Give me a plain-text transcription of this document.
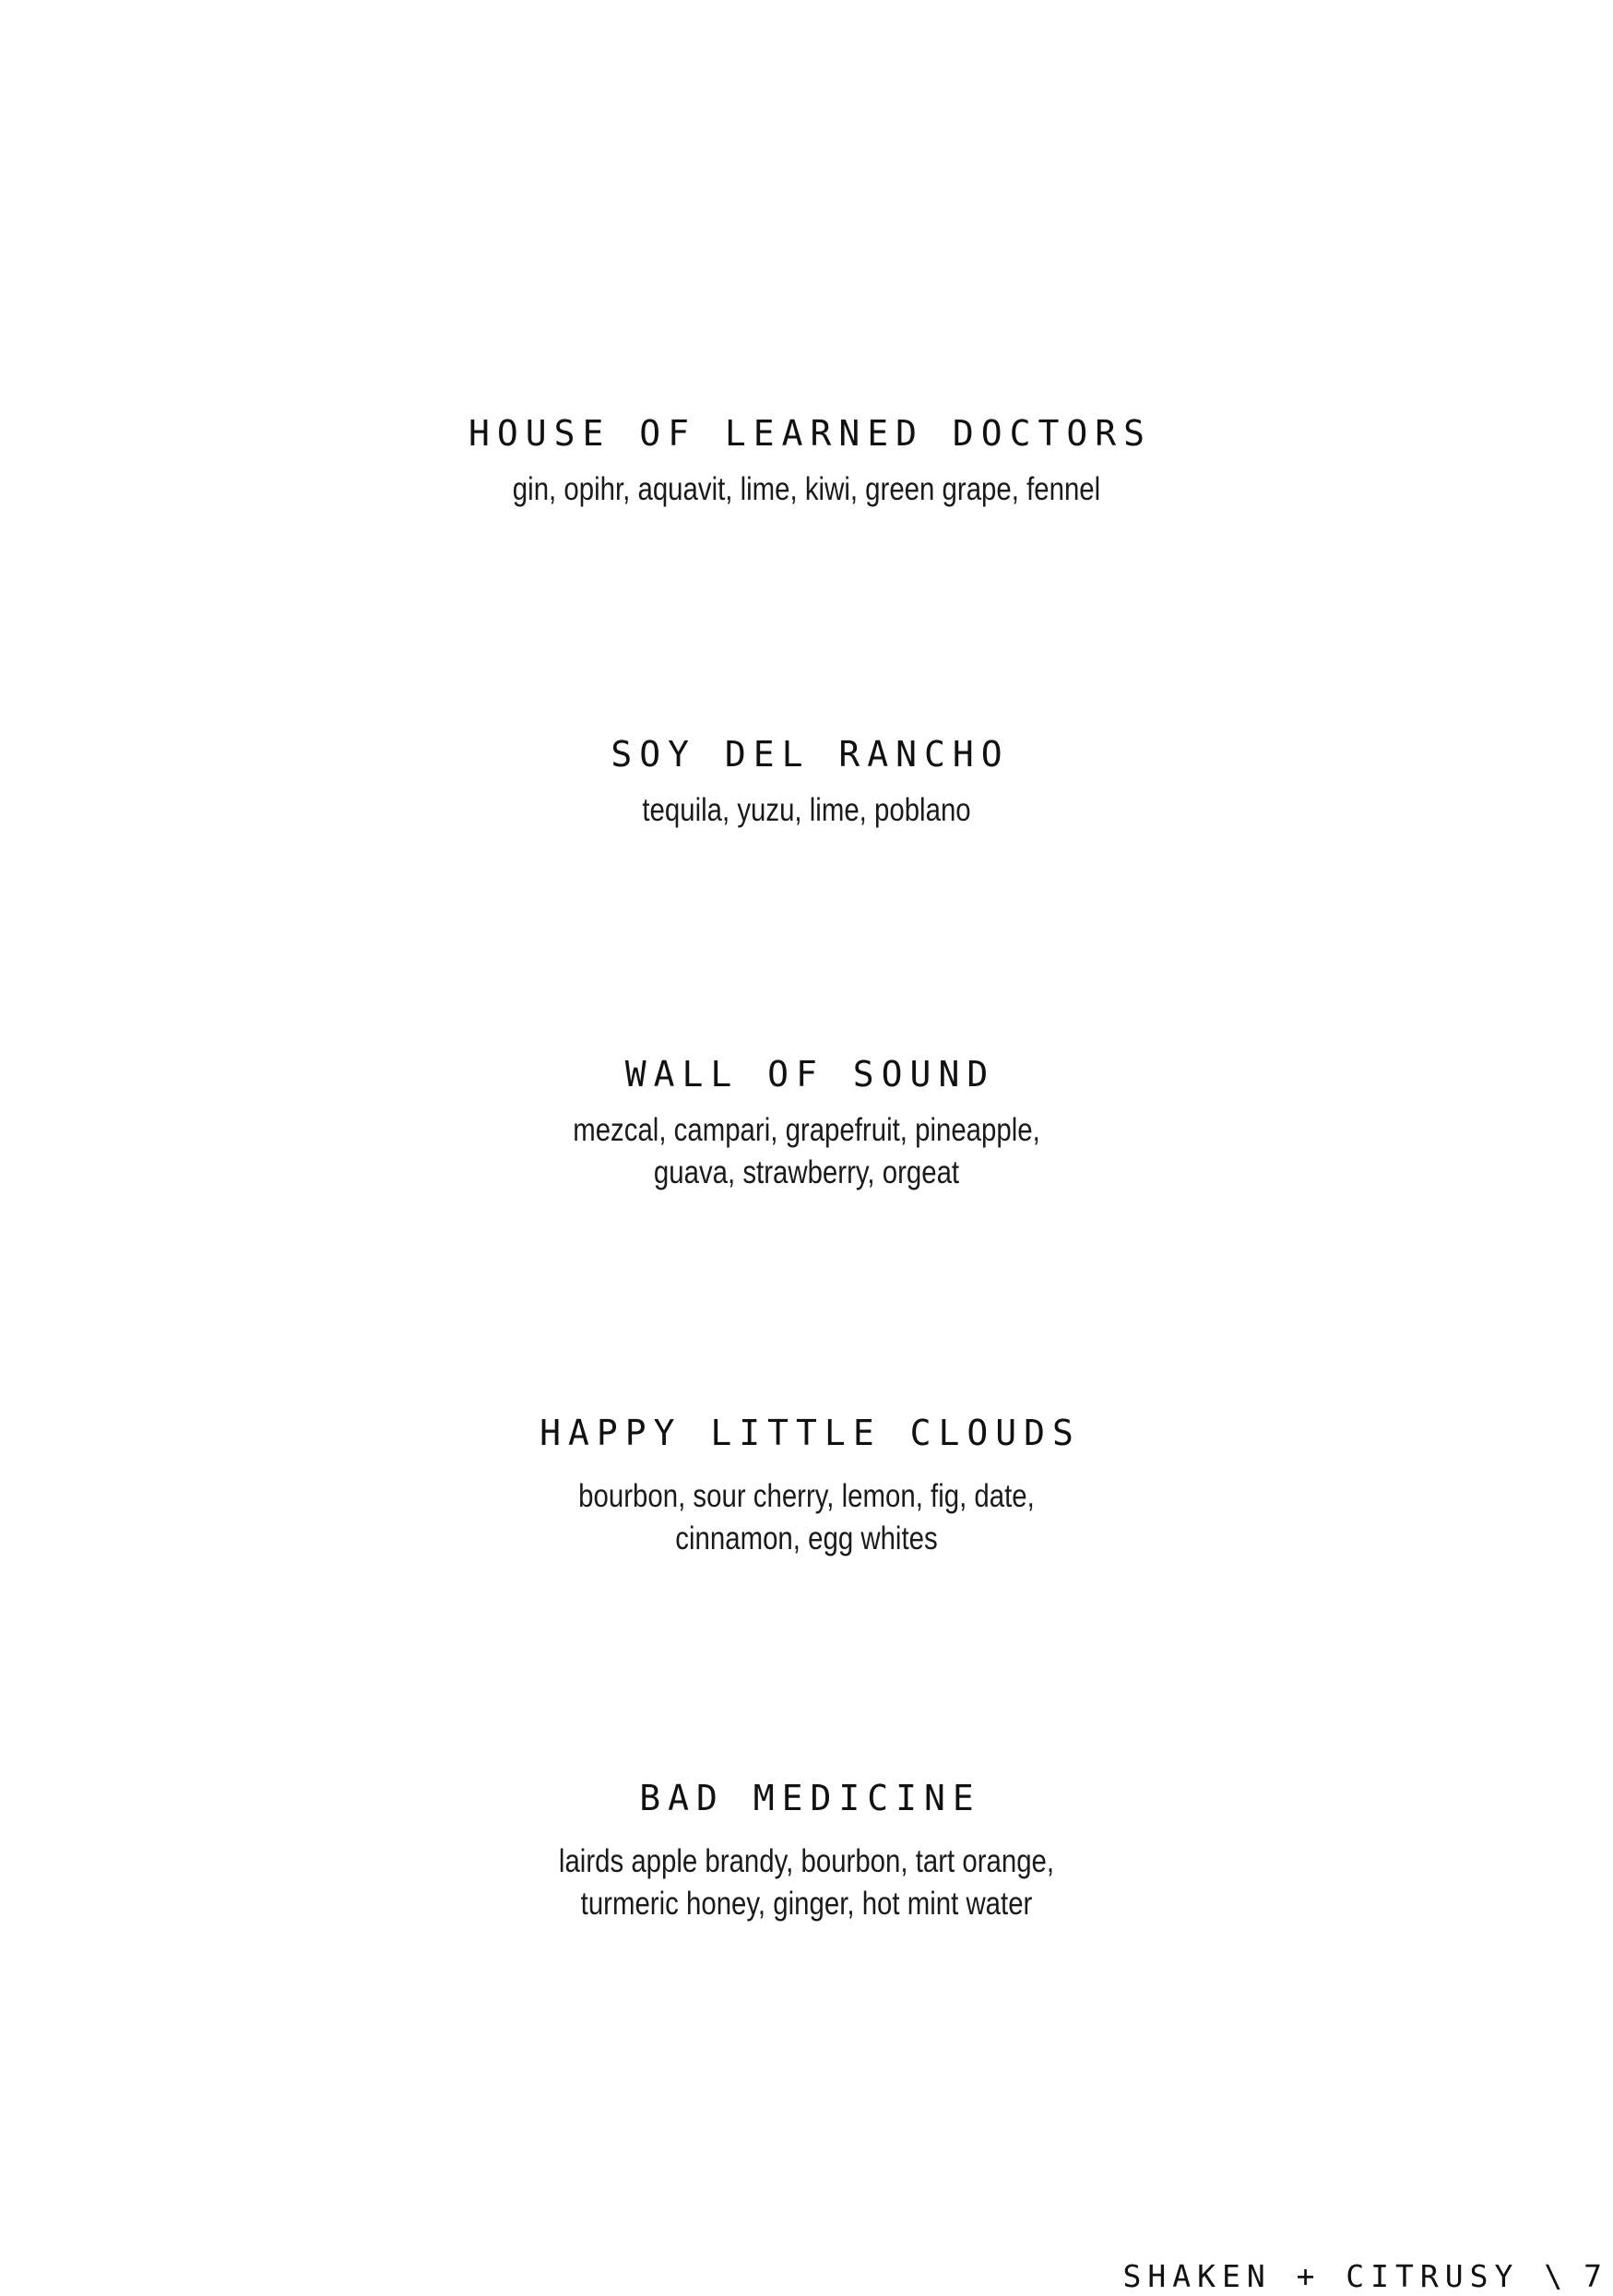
HOUSE OF LEARNED DOCTORS
gin, opihr, aquavit, lime, kiwi, green grape, fennel
SOY DEL RANCHO
tequila, yuzu, lime, poblano
WALL OF SOUND
mezcal, campari, grapefruit, pineapple,
guava, strawberry, orgeat
HAPPY LITTLE CLOUDS
bourbon, sour cherry, lemon, fig, date,
cinnamon, egg whites
BAD MEDICINE
lairds apple brandy, bourbon, tart orange,
turmeric honey, ginger, hot mint water
SHAKEN + CITRUSY \ 7
